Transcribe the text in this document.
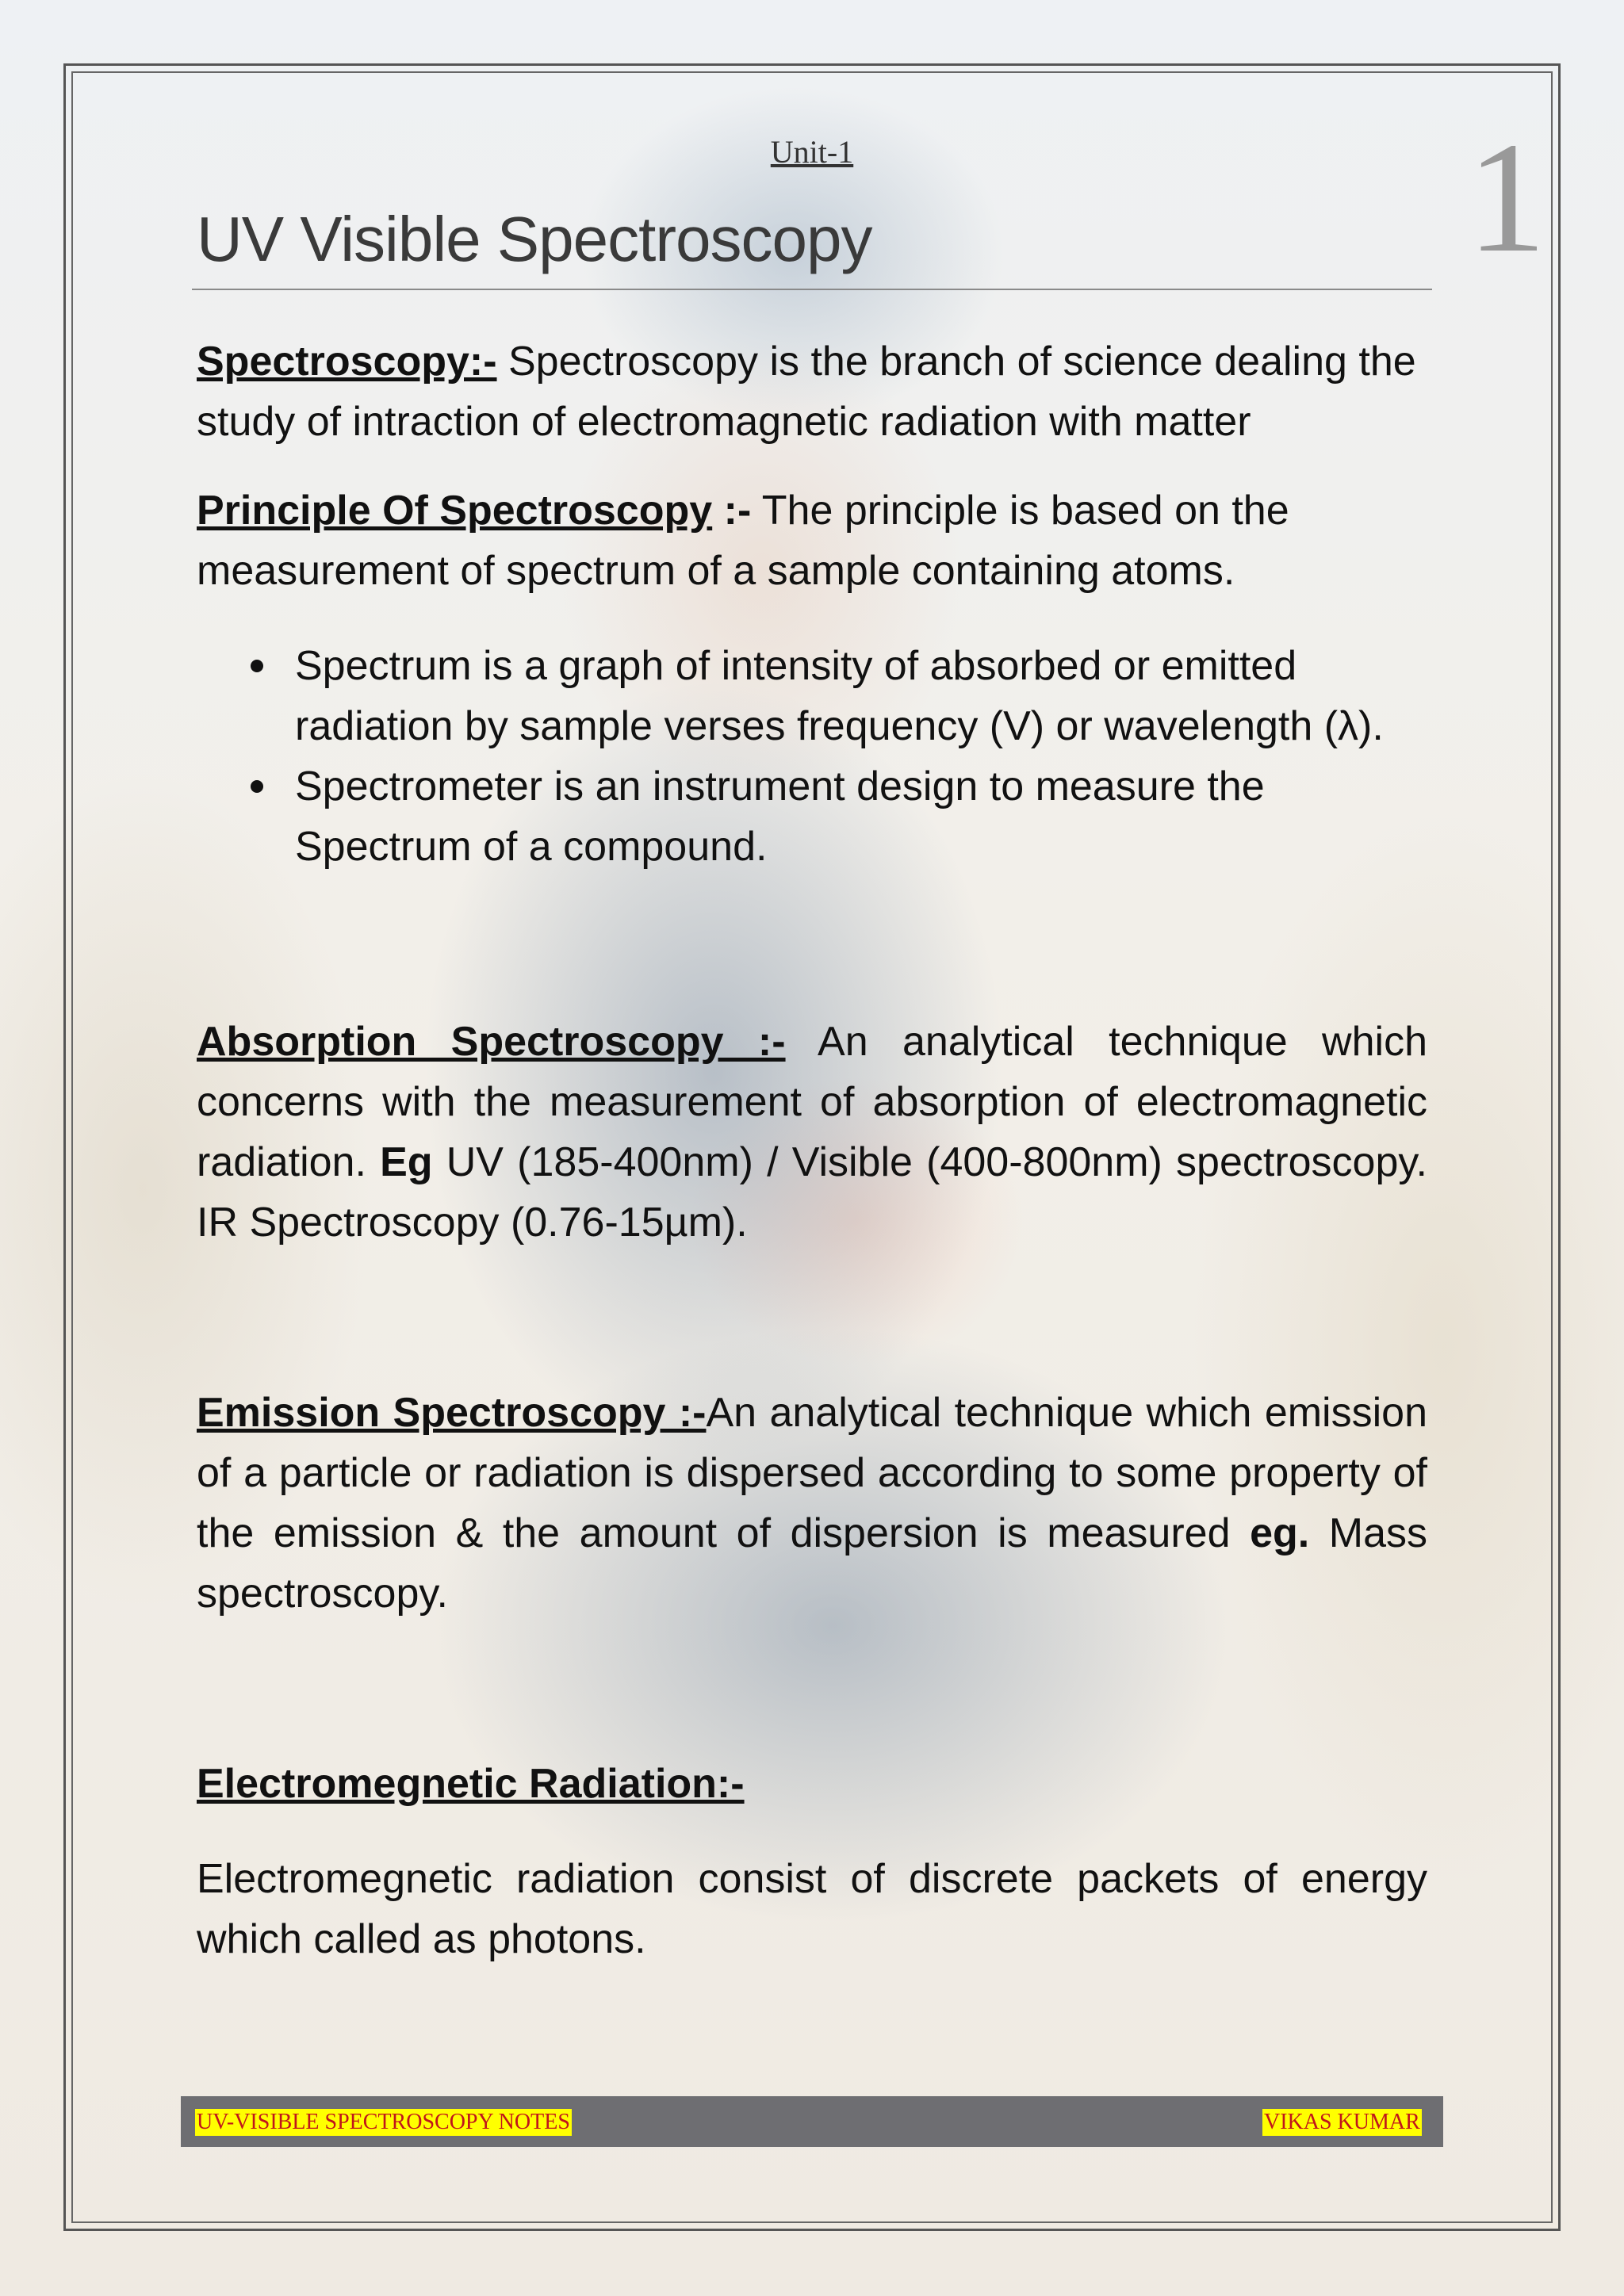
Unit-1
UV Visible Spectroscopy	1

Spectroscopy:- Spectroscopy is the branch of science dealing the study of intraction of electromagnetic radiation with matter

Principle Of Spectroscopy :- The principle is based on the measurement of spectrum of a sample containing atoms.

Spectrum is a graph of intensity of absorbed or emitted radiation by sample verses frequency (V) or wavelength (λ).
Spectrometer is an instrument design to measure the Spectrum of a compound.

Absorption Spectroscopy :- An analytical technique which concerns with the measurement of absorption of electromagnetic radiation. Eg UV (185-400nm) / Visible (400-800nm) spectroscopy. IR Spectroscopy (0.76-15µm).

Emission Spectroscopy :-An analytical technique which emission of a particle or radiation is dispersed according to some property of the emission & the amount of dispersion is measured eg. Mass spectroscopy.

Electromegnetic Radiation:-

Electromegnetic radiation consist of discrete packets of energy which called as photons.

UV-VISIBLE SPECTROSCOPY NOTES	VIKAS KUMAR
